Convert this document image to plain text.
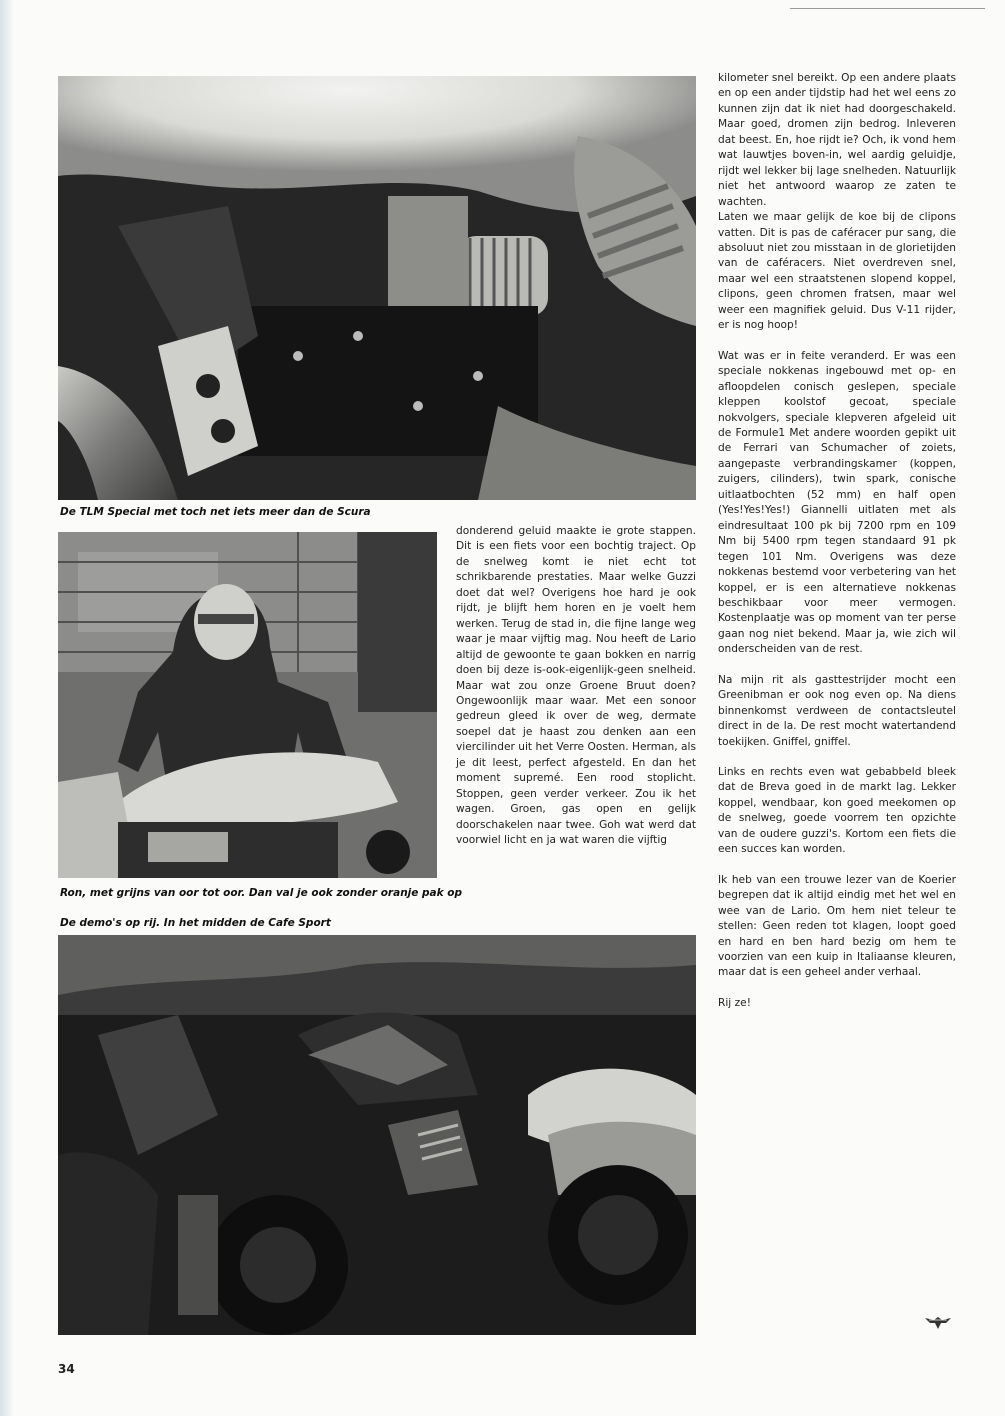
De TLM Special met toch net iets meer dan de Scura
Ron, met grijns van oor tot oor. Dan val je ook zonder oranje pak op
De demo's op rij. In het midden de Cafe Sport

donderend geluid maakte ie grote stappen. Dit is een fiets voor een bochtig traject. Op de snelweg komt ie niet echt tot schrikbarende prestaties. Maar welke Guzzi doet dat wel? Overigens hoe hard je ook rijdt, je blijft hem horen en je voelt hem werken. Terug de stad in, die fijne lange weg waar je maar vijftig mag. Nou heeft de Lario altijd de gewoonte te gaan bokken en narrig doen bij deze is-ook-eigenlijk-geen snelheid. Maar wat zou onze Groene Bruut doen? Ongewoonlijk maar waar. Met een sonoor gedreun gleed ik over de weg, dermate soepel dat je haast zou denken aan een viercilinder uit het Verre Oosten. Herman, als je dit leest, perfect afgesteld. En dan het moment supremé. Een rood stoplicht. Stoppen, geen verder verkeer. Zou ik het wagen. Groen, gas open en gelijk doorschakelen naar twee. Goh wat werd dat voorwiel licht en ja wat waren die vijftig

kilometer snel bereikt. Op een andere plaats en op een ander tijdstip had het wel eens zo kunnen zijn dat ik niet had doorgeschakeld. Maar goed, dromen zijn bedrog. Inleveren dat beest. En, hoe rijdt ie? Och, ik vond hem wat lauwtjes boven-in, wel aardig geluidje, rijdt wel lekker bij lage snelheden. Natuurlijk niet het antwoord waarop ze zaten te wachten.

Laten we maar gelijk de koe bij de clipons vatten. Dit is pas de caféracer pur sang, die absoluut niet zou misstaan in de glorietijden van de caféracers. Niet overdreven snel, maar wel een straatstenen slopend koppel, clipons, geen chromen fratsen, maar wel weer een magnifiek geluid. Dus V-11 rijder, er is nog hoop!

Wat was er in feite veranderd. Er was een speciale nokkenas ingebouwd met op- en afloopdelen conisch geslepen, speciale kleppen koolstof gecoat, speciale nokvolgers, speciale klepveren afgeleid uit de Formule1 Met andere woorden gepikt uit de Ferrari van Schumacher of zoiets, aangepaste verbrandingskamer (koppen, zuigers, cilinders), twin spark, conische uitlaatbochten (52 mm) en half open (Yes!Yes!Yes!) Giannelli uitlaten met als eindresultaat 100 pk bij 7200 rpm en 109 Nm bij 5400 rpm tegen standaard 91 pk tegen 101 Nm. Overigens was deze nokkenas bestemd voor verbetering van het koppel, er is een alternatieve nokkenas beschikbaar voor meer vermogen. Kostenplaatje was op moment van ter perse gaan nog niet bekend. Maar ja, wie zich wil onderscheiden van de rest.

Na mijn rit als gasttestrijder mocht een Greenibman er ook nog even op. Na diens binnenkomst verdween de contactsleutel direct in de la. De rest mocht watertandend toekijken. Gniffel, gniffel.

Links en rechts even wat gebabbeld bleek dat de Breva goed in de markt lag. Lekker koppel, wendbaar, kon goed meekomen op de snelweg, goede voorrem ten opzichte van de oudere guzzi's. Kortom een fiets die een succes kan worden.

Ik heb van een trouwe lezer van de Koerier begrepen dat ik altijd eindig met het wel en wee van de Lario. Om hem niet teleur te stellen: Geen reden tot klagen, loopt goed en hard en ben hard bezig om hem te voorzien van een kuip in Italiaanse kleuren, maar dat is een geheel ander verhaal.

Rij ze!

34
